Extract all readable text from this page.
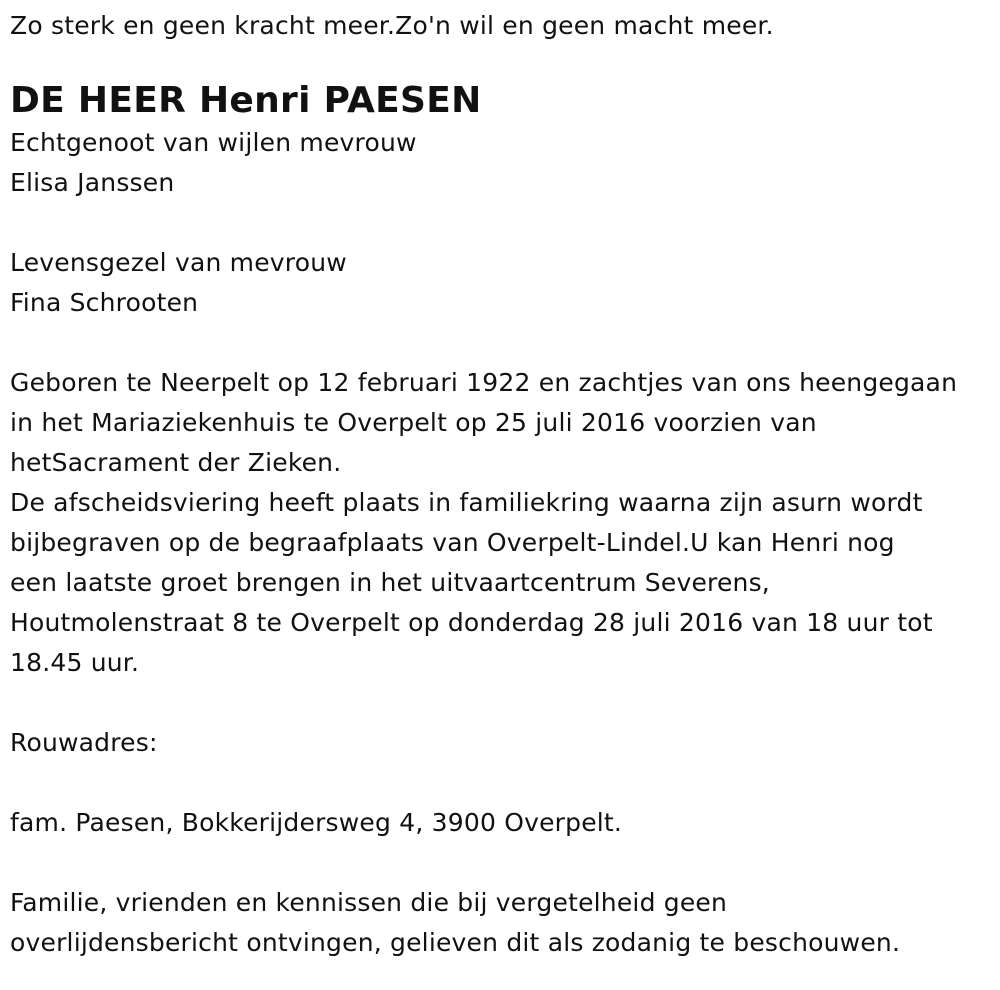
Zo sterk en geen kracht meer.Zo'n wil en geen macht meer.
DE HEER Henri PAESEN
Echtgenoot van wijlen mevrouw
Elisa Janssen
Levensgezel van mevrouw
Fina Schrooten
Geboren te Neerpelt op 12 februari 1922 en zachtjes van ons heengegaan
in het Mariaziekenhuis te Overpelt op 25 juli 2016 voorzien van
hetSacrament der Zieken.
De afscheidsviering heeft plaats in familiekring waarna zijn asurn wordt
bijbegraven op de begraafplaats van Overpelt-Lindel.U kan Henri nog
een laatste groet brengen in het uitvaartcentrum Severens,
Houtmolenstraat 8 te Overpelt op donderdag 28 juli 2016 van 18 uur tot
18.45 uur.
Rouwadres:
fam. Paesen, Bokkerijdersweg 4, 3900 Overpelt.
Familie, vrienden en kennissen die bij vergetelheid geen
overlijdensbericht ontvingen, gelieven dit als zodanig te beschouwen.
